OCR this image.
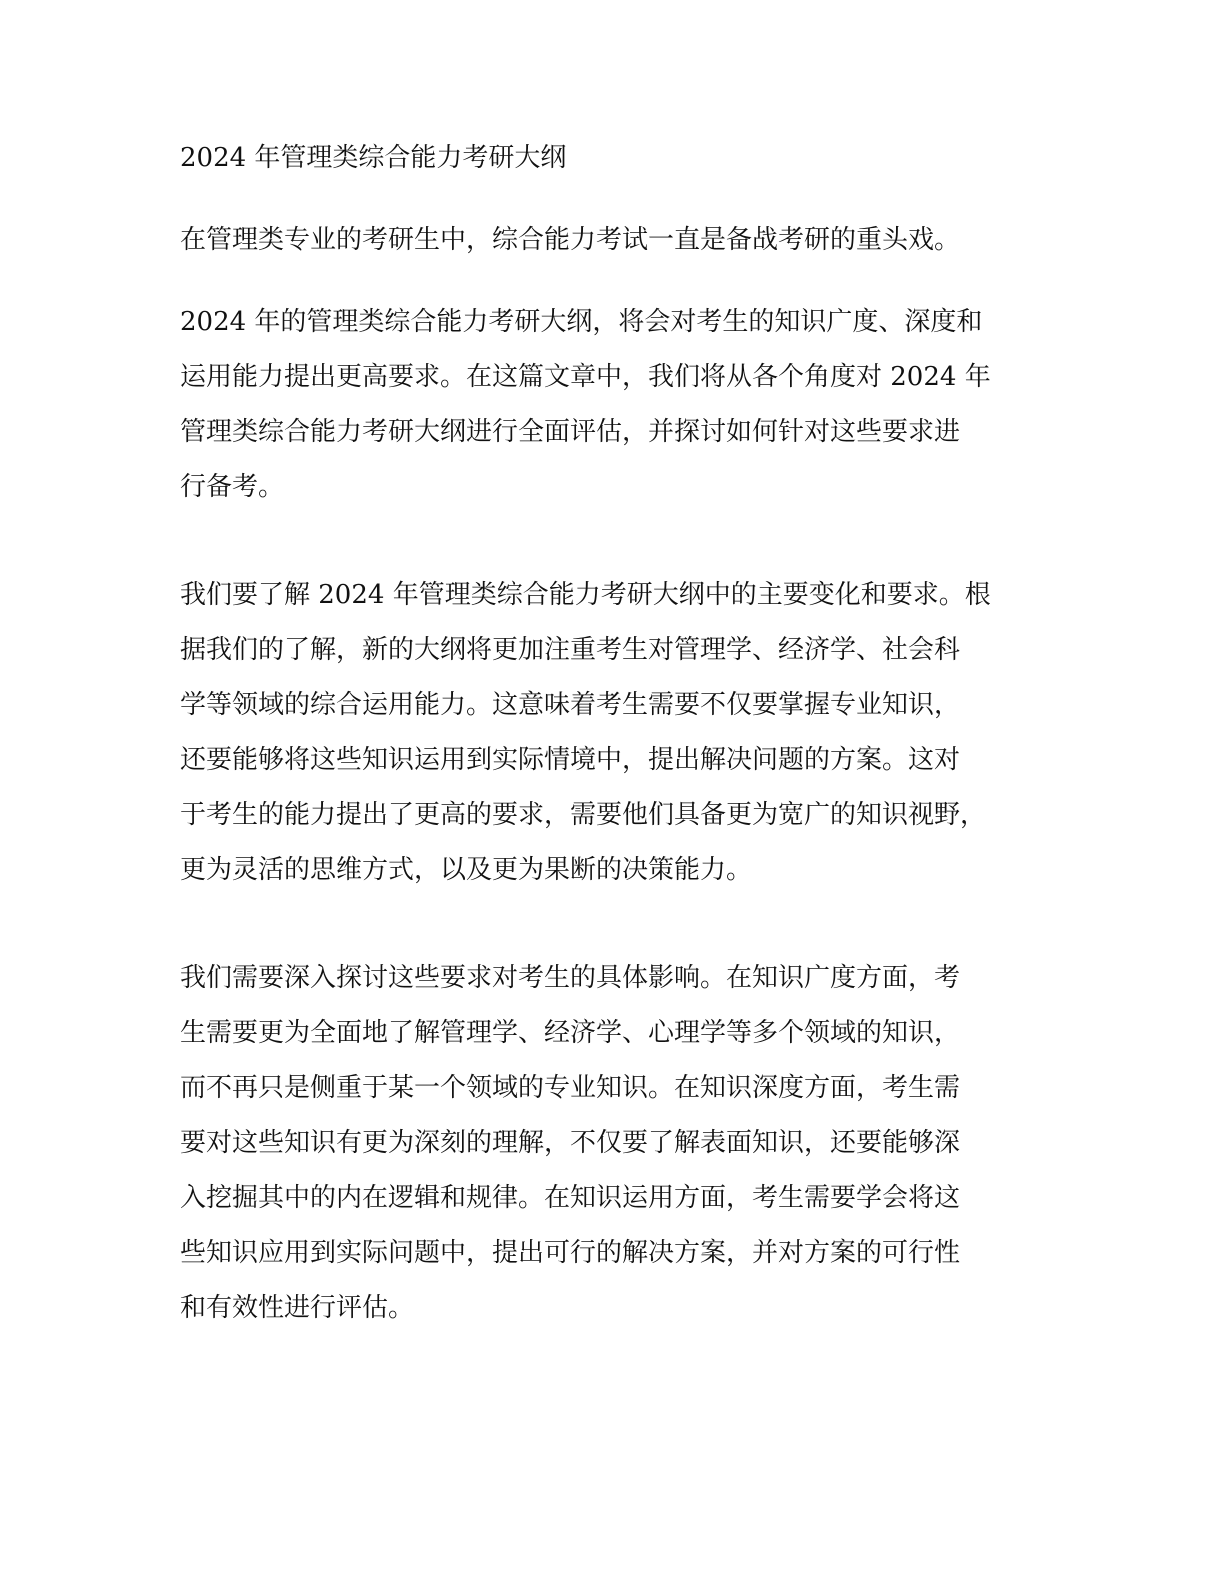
2024 年管理类综合能力考研大纲
在管理类专业的考研生中，综合能力考试一直是备战考研的重头戏。
2024 年的管理类综合能力考研大纲，将会对考生的知识广度、深度和
运用能力提出更高要求。在这篇文章中，我们将从各个角度对 2024 年
管理类综合能力考研大纲进行全面评估，并探讨如何针对这些要求进
行备考。
我们要了解 2024 年管理类综合能力考研大纲中的主要变化和要求。根
据我们的了解，新的大纲将更加注重考生对管理学、经济学、社会科
学等领域的综合运用能力。这意味着考生需要不仅要掌握专业知识，
还要能够将这些知识运用到实际情境中，提出解决问题的方案。这对
于考生的能力提出了更高的要求，需要他们具备更为宽广的知识视野，
更为灵活的思维方式，以及更为果断的决策能力。
我们需要深入探讨这些要求对考生的具体影响。在知识广度方面，考
生需要更为全面地了解管理学、经济学、心理学等多个领域的知识，
而不再只是侧重于某一个领域的专业知识。在知识深度方面，考生需
要对这些知识有更为深刻的理解，不仅要了解表面知识，还要能够深
入挖掘其中的内在逻辑和规律。在知识运用方面，考生需要学会将这
些知识应用到实际问题中，提出可行的解决方案，并对方案的可行性
和有效性进行评估。
